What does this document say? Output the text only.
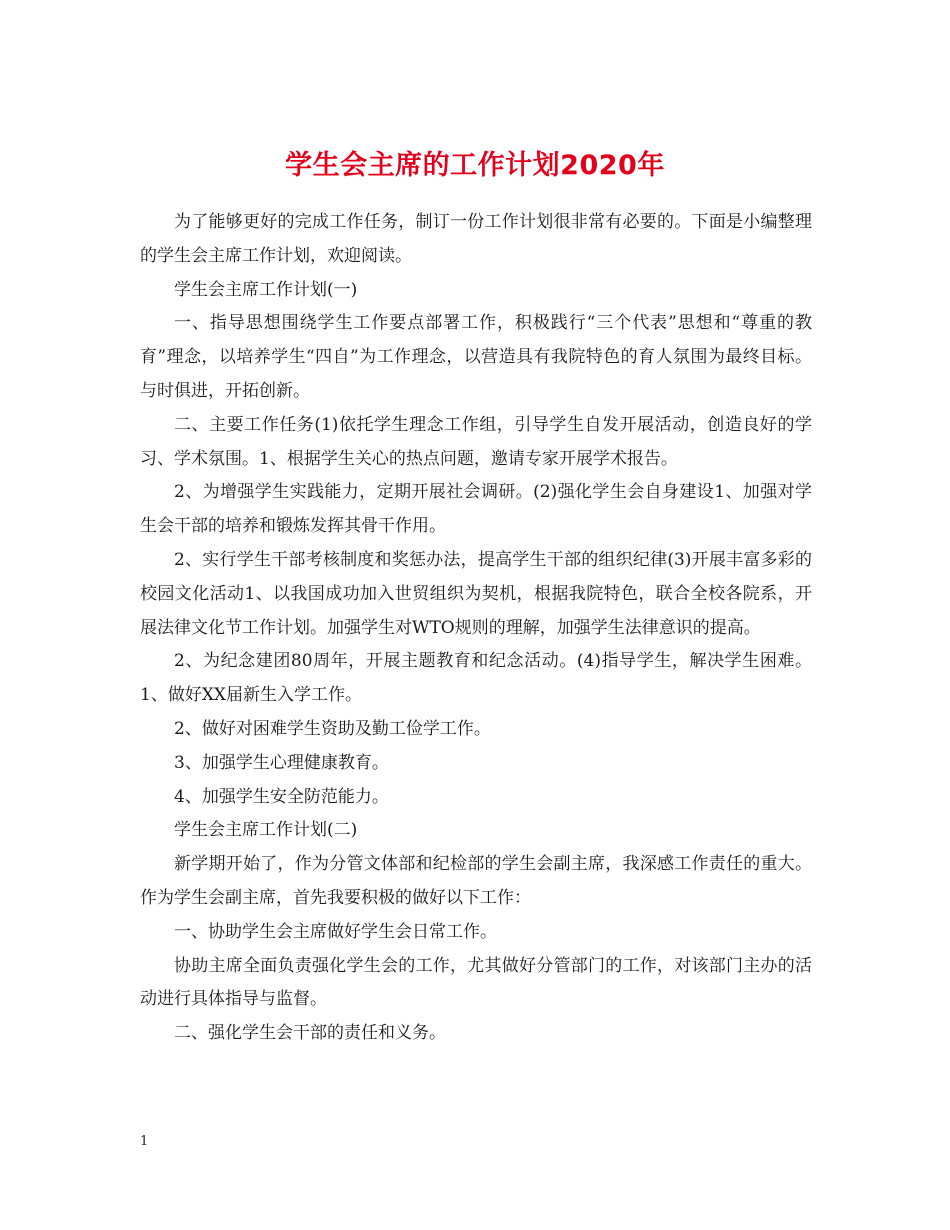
学生会主席的工作计划2020年

为了能够更好的完成工作任务，制订一份工作计划很非常有必要的。下面是小编整理的学生会主席工作计划，欢迎阅读。

学生会主席工作计划(一)

一、指导思想围绕学生工作要点部署工作，积极践行“三个代表”思想和“尊重的教育”理念，以培养学生“四自”为工作理念，以营造具有我院特色的育人氛围为最终目标。与时俱进，开拓创新。

二、主要工作任务(1)依托学生理念工作组，引导学生自发开展活动，创造良好的学习、学术氛围。1、根据学生关心的热点问题，邀请专家开展学术报告。

2、为增强学生实践能力，定期开展社会调研。(2)强化学生会自身建设1、加强对学生会干部的培养和锻炼发挥其骨干作用。

2、实行学生干部考核制度和奖惩办法，提高学生干部的组织纪律(3)开展丰富多彩的校园文化活动1、以我国成功加入世贸组织为契机，根据我院特色，联合全校各院系，开展法律文化节工作计划。加强学生对WTO规则的理解，加强学生法律意识的提高。

2、为纪念建团80周年，开展主题教育和纪念活动。(4)指导学生，解决学生困难。1、做好XX届新生入学工作。

2、做好对困难学生资助及勤工俭学工作。

3、加强学生心理健康教育。

4、加强学生安全防范能力。

学生会主席工作计划(二)

新学期开始了，作为分管文体部和纪检部的学生会副主席，我深感工作责任的重大。作为学生会副主席，首先我要积极的做好以下工作：

一、协助学生会主席做好学生会日常工作。

协助主席全面负责强化学生会的工作，尤其做好分管部门的工作，对该部门主办的活动进行具体指导与监督。

二、强化学生会干部的责任和义务。

1
